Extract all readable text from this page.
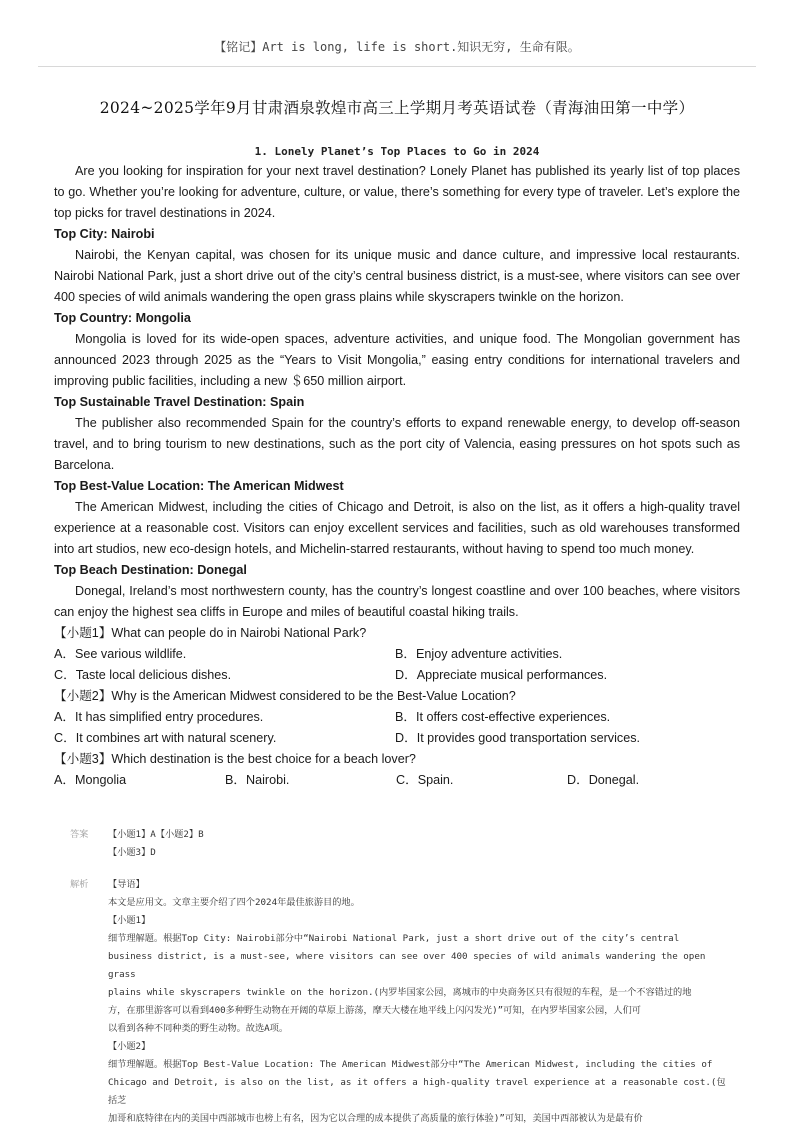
【铭记】Art is long, life is short.知识无穷, 生命有限。
2024~2025学年9月甘肃酒泉敦煌市高三上学期月考英语试卷（青海油田第一中学）
1. Lonely Planet’s Top Places to Go in 2024

Are you looking for inspiration for your next travel destination? Lonely Planet has published its yearly list of top places to go. Whether you’re looking for adventure, culture, or value, there’s something for every type of traveler. Let’s explore the top picks for travel destinations in 2024.

Top City: Nairobi

Nairobi, the Kenyan capital, was chosen for its unique music and dance culture, and impressive local restaurants. Nairobi National Park, just a short drive out of the city’s central business district, is a must-see, where visitors can see over 400 species of wild animals wandering the open grass plains while skyscrapers twinkle on the horizon.

Top Country: Mongolia

Mongolia is loved for its wide-open spaces, adventure activities, and unique food. The Mongolian government has announced 2023 through 2025 as the “Years to Visit Mongolia,” easing entry conditions for international travelers and improving public facilities, including a new ＄650 million airport.

Top Sustainable Travel Destination: Spain

The publisher also recommended Spain for the country’s efforts to expand renewable energy, to develop off-season travel, and to bring tourism to new destinations, such as the port city of Valencia, easing pressures on hot spots such as Barcelona.

Top Best-Value Location: The American Midwest

The American Midwest, including the cities of Chicago and Detroit, is also on the list, as it offers a high-quality travel experience at a reasonable cost. Visitors can enjoy excellent services and facilities, such as old warehouses transformed into art studios, new eco-design hotels, and Michelin-starred restaurants, without having to spend too much money.

Top Beach Destination: Donegal

Donegal, Ireland’s most northwestern county, has the country’s longest coastline and over 100 beaches, where visitors can enjoy the highest sea cliffs in Europe and miles of beautiful coastal hiking trails.

【小题1】What can people do in Nairobi National Park?

A．See various wildlife.	B．Enjoy adventure activities.
C．Taste local delicious dishes.	D．Appreciate musical performances.

【小题2】Why is the American Midwest considered to be the Best-Value Location?

A．It has simplified entry procedures.	B．It offers cost-effective experiences.
C．It combines art with natural scenery.	D．It provides good transportation services.

【小题3】Which destination is the best choice for a beach lover?

A．Mongolia	B．Nairobi.	C．Spain.	D．Donegal.
答案	【小题1】A【小题2】B
【小题3】D
解析	【导语】
本文是应用文。文章主要介绍了四个2024年最佳旅游目的地。
【小题1】
细节理解题。根据Top City: Nairobi部分中“Nairobi National Park, just a short drive out of the city’s central
business district, is a must-see, where visitors can see over 400 species of wild animals wandering the open grass
plains while skyscrapers twinkle on the horizon.(内罗毕国家公园，离城市的中央商务区只有很短的车程，是一个不容错过的地
方，在那里游客可以看到400多种野生动物在开阔的草原上游荡，摩天大楼在地平线上闪闪发光)”可知，在内罗毕国家公园，人们可
以看到各种不同种类的野生动物。故选A项。
【小题2】
细节理解题。根据Top Best-Value Location: The American Midwest部分中“The American Midwest, including the cities of
Chicago and Detroit, is also on the list, as it offers a high-quality travel experience at a reasonable cost.(包括芝
加哥和底特律在内的美国中西部城市也榜上有名，因为它以合理的成本提供了高质量的旅行体验)”可知，美国中西部被认为是最有价
